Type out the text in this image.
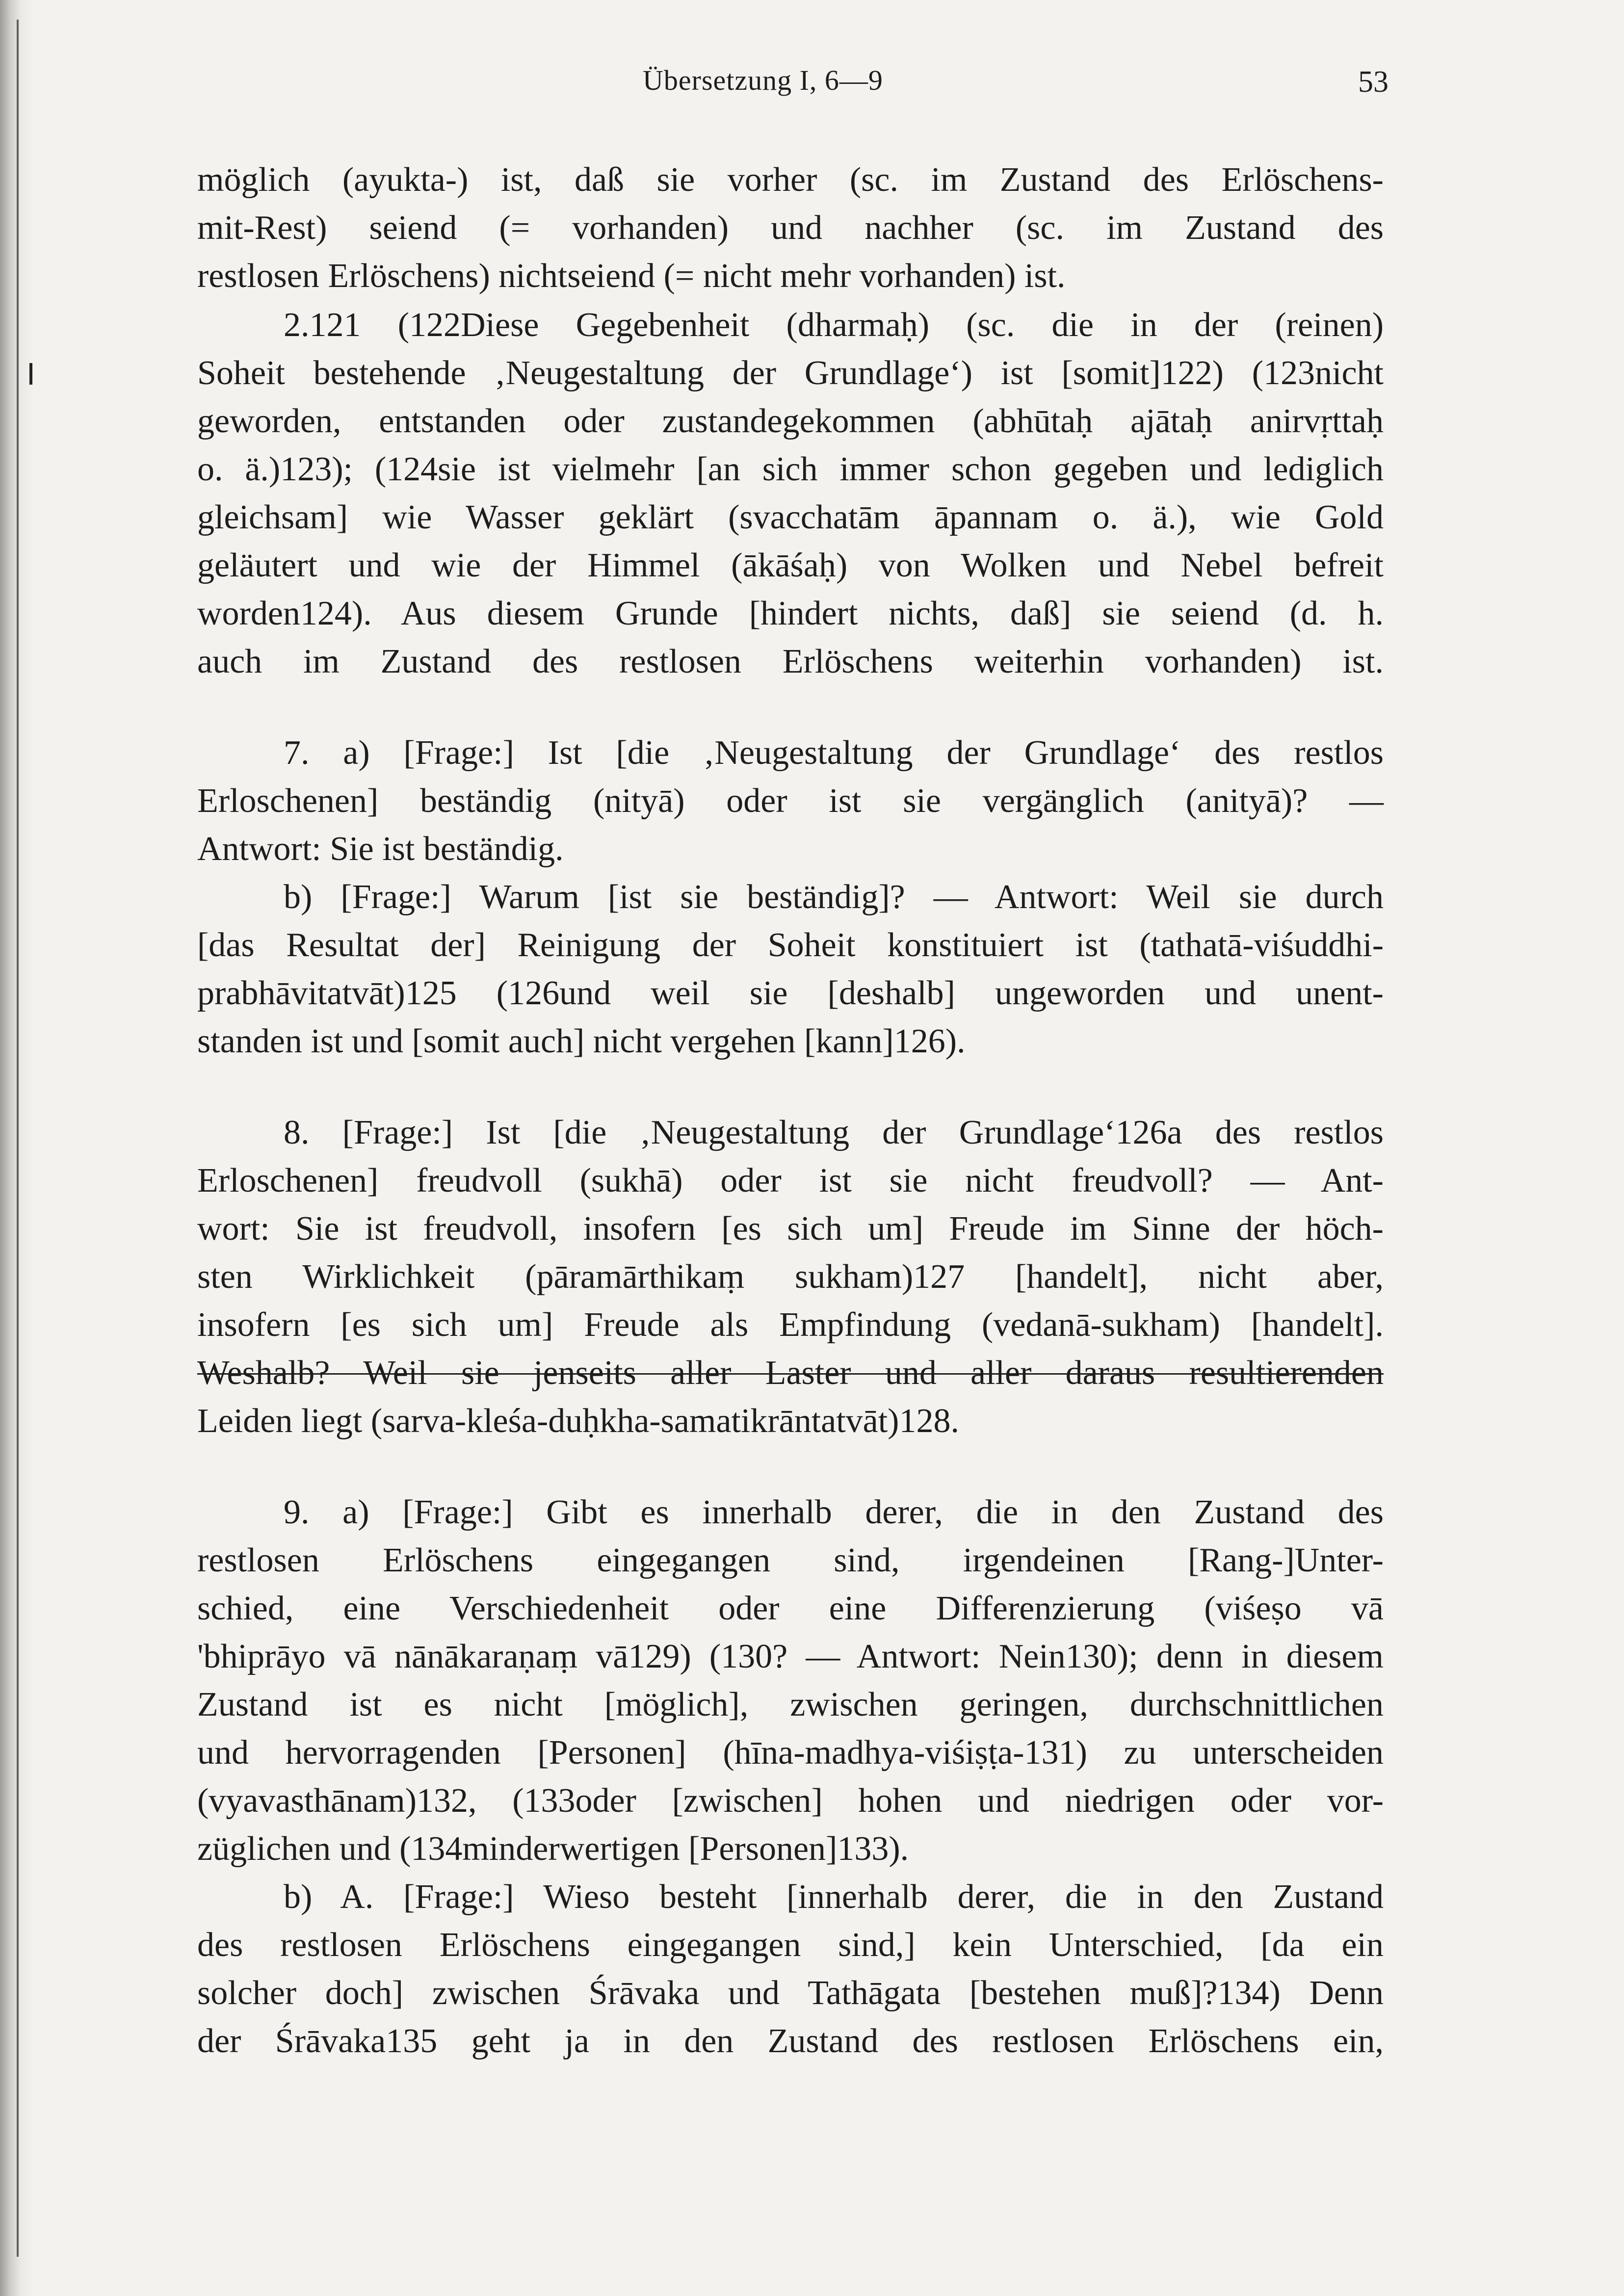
Übersetzung I, 6—9	53
möglich (ayukta-) ist, daß sie vorher (sc. im Zustand des Erlöschens-
mit-Rest) seiend (= vorhanden) und nachher (sc. im Zustand des
restlosen Erlöschens) nichtseiend (= nicht mehr vorhanden) ist.
2.121 (122Diese Gegebenheit (dharmaḥ) (sc. die in der (reinen)
Soheit bestehende ‚Neugestaltung der Grundlage‘) ist [somit]122) (123nicht
geworden, entstanden oder zustandegekommen (abhūtaḥ ajātaḥ anirvṛttaḥ
o. ä.)123); (124sie ist vielmehr [an sich immer schon gegeben und lediglich
gleichsam] wie Wasser geklärt (svacchatām āpannam o. ä.), wie Gold
geläutert und wie der Himmel (ākāśaḥ) von Wolken und Nebel befreit
worden124). Aus diesem Grunde [hindert nichts, daß] sie seiend (d. h.
auch im Zustand des restlosen Erlöschens weiterhin vorhanden) ist.
7. a) [Frage:] Ist [die ‚Neugestaltung der Grundlage‘ des restlos
Erloschenen] beständig (nityā) oder ist sie vergänglich (anityā)? —
Antwort: Sie ist beständig.
b) [Frage:] Warum [ist sie beständig]? — Antwort: Weil sie durch
[das Resultat der] Reinigung der Soheit konstituiert ist (tathatā-viśuddhi-
prabhāvitatvāt)125 (126und weil sie [deshalb] ungeworden und unent-
standen ist und [somit auch] nicht vergehen [kann]126).
8. [Frage:] Ist [die ‚Neugestaltung der Grundlage‘126a des restlos
Erloschenen] freudvoll (sukhā) oder ist sie nicht freudvoll? — Ant-
wort: Sie ist freudvoll, insofern [es sich um] Freude im Sinne der höch-
sten Wirklichkeit (pāramārthikaṃ sukham)127 [handelt], nicht aber,
insofern [es sich um] Freude als Empfindung (vedanā-sukham) [handelt].
Weshalb? Weil sie jenseits aller Laster und aller daraus resultierenden
Leiden liegt (sarva-kleśa-duḥkha-samatikrāntatvāt)128.
9. a) [Frage:] Gibt es innerhalb derer, die in den Zustand des
restlosen Erlöschens eingegangen sind, irgendeinen [Rang-]Unter-
schied, eine Verschiedenheit oder eine Differenzierung (viśeṣo vā
'bhiprāyo vā nānākaraṇaṃ vā129) (130? — Antwort: Nein130); denn in diesem
Zustand ist es nicht [möglich], zwischen geringen, durchschnittlichen
und hervorragenden [Personen] (hīna-madhya-viśiṣṭa-131) zu unterscheiden
(vyavasthānam)132, (133oder [zwischen] hohen und niedrigen oder vor-
züglichen und (134minderwertigen [Personen]133).
b) A. [Frage:] Wieso besteht [innerhalb derer, die in den Zustand
des restlosen Erlöschens eingegangen sind,] kein Unterschied, [da ein
solcher doch] zwischen Śrāvaka und Tathāgata [bestehen muß]?134) Denn
der Śrāvaka135 geht ja in den Zustand des restlosen Erlöschens ein,
